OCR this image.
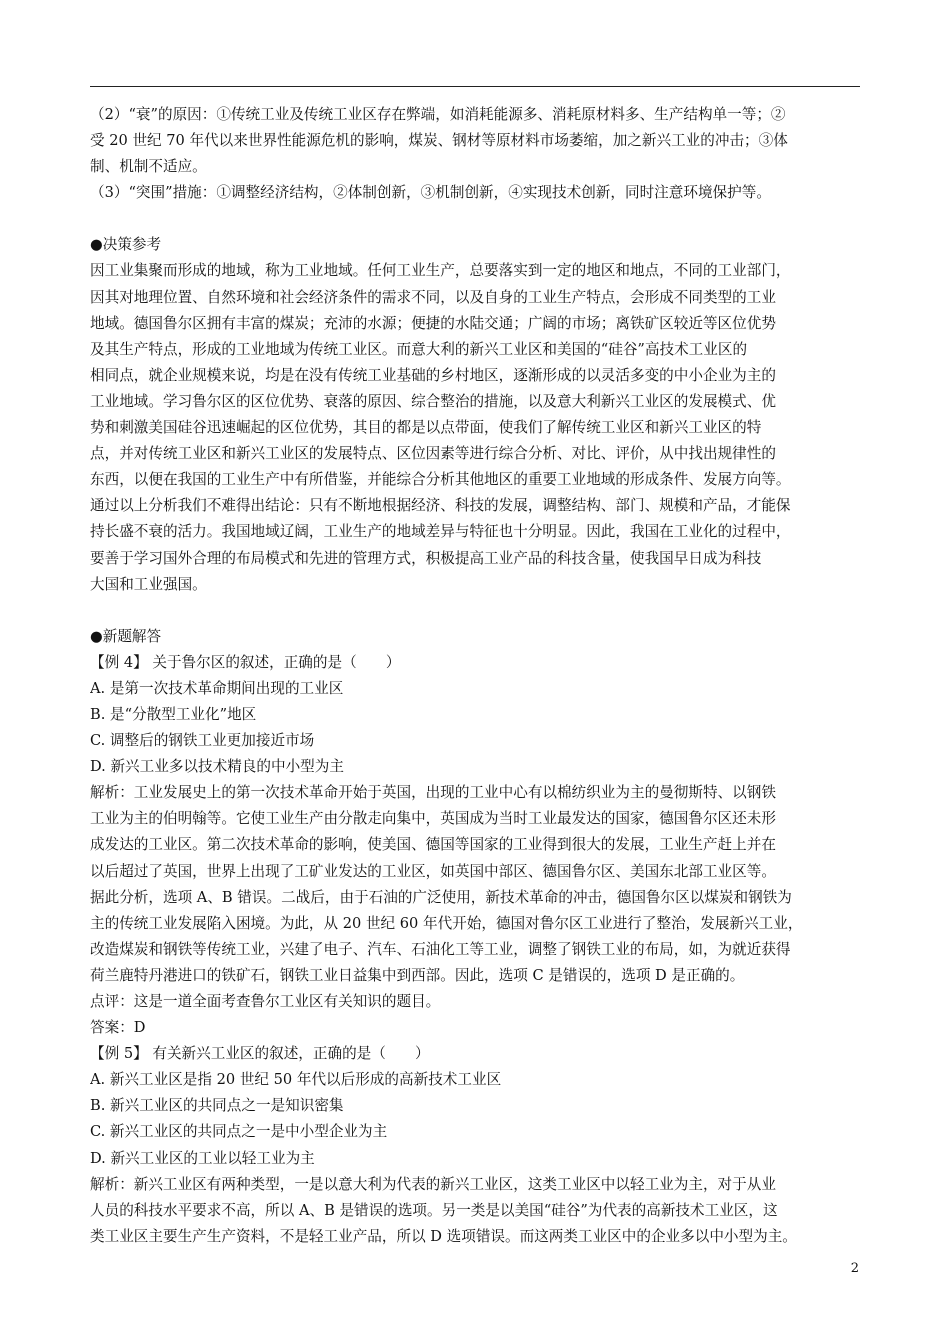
（2）“衰”的原因：①传统工业及传统工业区存在弊端，如消耗能源多、消耗原材料多、生产结构单一等；②
受 20 世纪 70 年代以来世界性能源危机的影响，煤炭、钢材等原材料市场萎缩，加之新兴工业的冲击；③体
制、机制不适应。
（3）“突围”措施：①调整经济结构，②体制创新，③机制创新，④实现技术创新，同时注意环境保护等。
●决策参考
因工业集聚而形成的地域，称为工业地域。任何工业生产，总要落实到一定的地区和地点，不同的工业部门，
因其对地理位置、自然环境和社会经济条件的需求不同，以及自身的工业生产特点，会形成不同类型的工业
地域。德国鲁尔区拥有丰富的煤炭；充沛的水源；便捷的水陆交通；广阔的市场；离铁矿区较近等区位优势
及其生产特点，形成的工业地域为传统工业区。而意大利的新兴工业区和美国的“硅谷”高技术工业区的
相同点，就企业规模来说，均是在没有传统工业基础的乡村地区，逐渐形成的以灵活多变的中小企业为主的
工业地域。学习鲁尔区的区位优势、衰落的原因、综合整治的措施，以及意大利新兴工业区的发展模式、优
势和刺激美国硅谷迅速崛起的区位优势，其目的都是以点带面，使我们了解传统工业区和新兴工业区的特
点，并对传统工业区和新兴工业区的发展特点、区位因素等进行综合分析、对比、评价，从中找出规律性的
东西，以便在我国的工业生产中有所借鉴，并能综合分析其他地区的重要工业地域的形成条件、发展方向等。
通过以上分析我们不难得出结论：只有不断地根据经济、科技的发展，调整结构、部门、规模和产品，才能保
持长盛不衰的活力。我国地域辽阔，工业生产的地域差异与特征也十分明显。因此，我国在工业化的过程中，
要善于学习国外合理的布局模式和先进的管理方式，积极提高工业产品的科技含量，使我国早日成为科技
大国和工业强国。
●新题解答
【例 4】 关于鲁尔区的叙述，正确的是（　　）
A. 是第一次技术革命期间出现的工业区
B. 是“分散型工业化”地区
C. 调整后的钢铁工业更加接近市场
D. 新兴工业多以技术精良的中小型为主
解析：工业发展史上的第一次技术革命开始于英国，出现的工业中心有以棉纺织业为主的曼彻斯特、以钢铁
工业为主的伯明翰等。它使工业生产由分散走向集中，英国成为当时工业最发达的国家，德国鲁尔区还未形
成发达的工业区。第二次技术革命的影响，使美国、德国等国家的工业得到很大的发展，工业生产赶上并在
以后超过了英国，世界上出现了工矿业发达的工业区，如英国中部区、德国鲁尔区、美国东北部工业区等。
据此分析，选项 A、B 错误。二战后，由于石油的广泛使用，新技术革命的冲击，德国鲁尔区以煤炭和钢铁为
主的传统工业发展陷入困境。为此，从 20 世纪 60 年代开始，德国对鲁尔区工业进行了整治，发展新兴工业，
改造煤炭和钢铁等传统工业，兴建了电子、汽车、石油化工等工业，调整了钢铁工业的布局，如，为就近获得
荷兰鹿特丹港进口的铁矿石，钢铁工业日益集中到西部。因此，选项 C 是错误的，选项 D 是正确的。
点评：这是一道全面考查鲁尔工业区有关知识的题目。
答案：D
【例 5】 有关新兴工业区的叙述，正确的是（　　）
A. 新兴工业区是指 20 世纪 50 年代以后形成的高新技术工业区
B. 新兴工业区的共同点之一是知识密集
C. 新兴工业区的共同点之一是中小型企业为主
D. 新兴工业区的工业以轻工业为主
解析：新兴工业区有两种类型，一是以意大利为代表的新兴工业区，这类工业区中以轻工业为主，对于从业
人员的科技水平要求不高，所以 A、B 是错误的选项。另一类是以美国“硅谷”为代表的高新技术工业区，这
类工业区主要生产生产资料，不是轻工业产品，所以 D 选项错误。而这两类工业区中的企业多以中小型为主。
2
